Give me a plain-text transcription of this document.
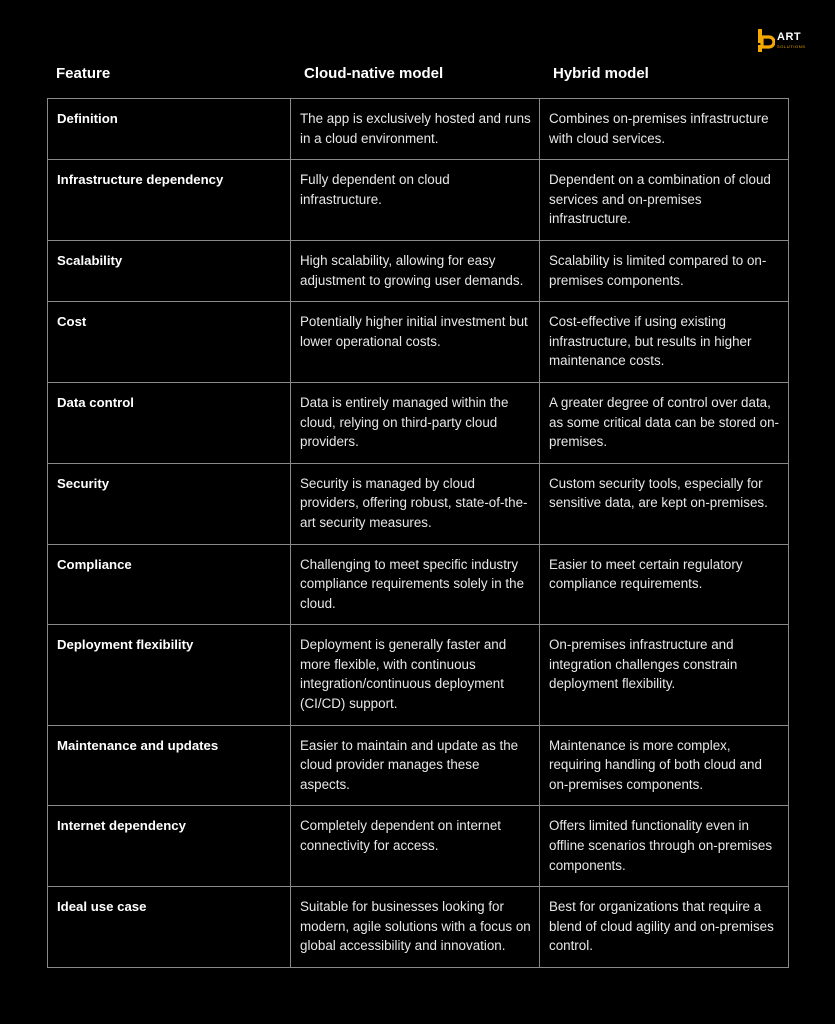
ART
SOLUTIONS
Feature	Cloud-native model	Hybrid model
Definition	The app is exclusively hosted and runs in a cloud environment.	Combines on-premises infrastructure with cloud services.
Infrastructure dependency	Fully dependent on cloud infrastructure.	Dependent on a combination of cloud services and on-premises infrastructure.
Scalability	High scalability, allowing for easy adjustment to growing user demands.	Scalability is limited compared to on-premises components.
Cost	Potentially higher initial investment but lower operational costs.	Cost-effective if using existing infrastructure, but results in higher maintenance costs.
Data control	Data is entirely managed within the cloud, relying on third-party cloud providers.	A greater degree of control over data, as some critical data can be stored on-premises.
Security	Security is managed by cloud providers, offering robust, state-of-the-art security measures.	Custom security tools, especially for sensitive data, are kept on-premises.
Compliance	Challenging to meet specific industry compliance requirements solely in the cloud.	Easier to meet certain regulatory compliance requirements.
Deployment flexibility	Deployment is generally faster and more flexible, with continuous integration/continuous deployment (CI/CD) support.	On-premises infrastructure and integration challenges constrain deployment flexibility.
Maintenance and updates	Easier to maintain and update as the cloud provider manages these aspects.	Maintenance is more complex, requiring handling of both cloud and on-premises components.
Internet dependency	Completely dependent on internet connectivity for access.	Offers limited functionality even in offline scenarios through on-premises components.
Ideal use case	Suitable for businesses looking for modern, agile solutions with a focus on global accessibility and innovation.	Best for organizations that require a blend of cloud agility and on-premises control.
